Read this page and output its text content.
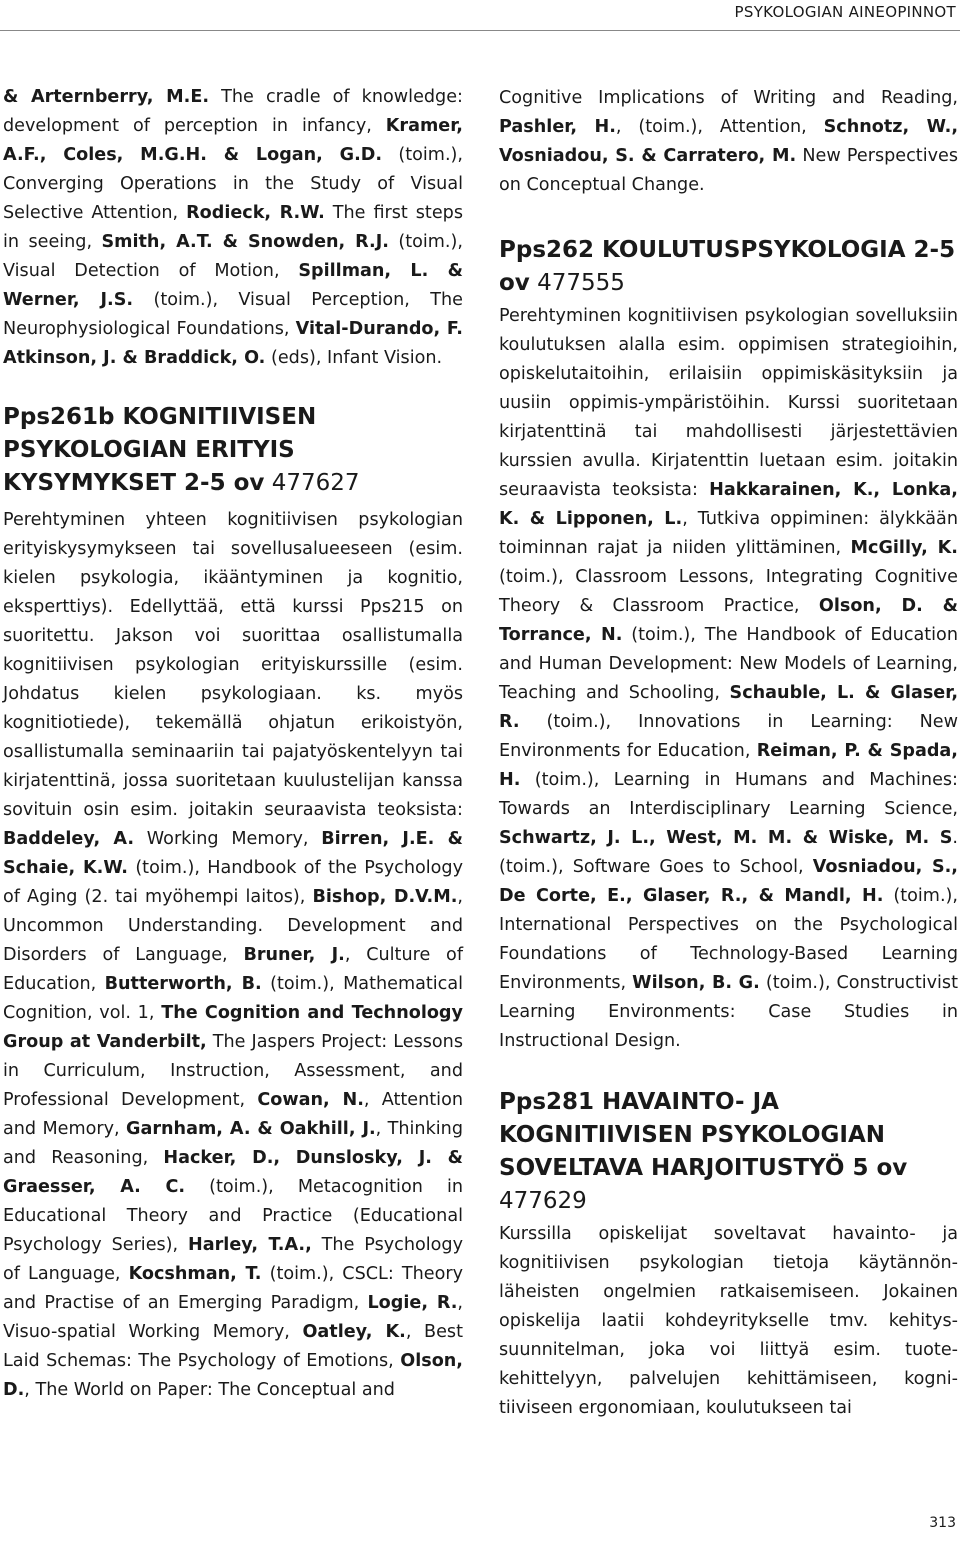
PSYKOLOGIAN AINEOPINNOT

& Arternberry, M.E. The cradle of knowledge: development of perception in infancy, Kramer, A.F., Coles, M.G.H. & Logan, G.D. (toim.), Converging Operations in the Study of Visual Selective Attention, Rodieck, R.W. The first steps in seeing, Smith, A.T. & Snowden, R.J. (toim.), Visual Detection of Motion, Spillman, L. & Werner, J.S. (toim.), Visual Perception, The Neurophysiological Foundations, Vital-Durando, F. Atkinson, J. & Braddick, O. (eds), Infant Vision.

Pps261b KOGNITIIVISEN PSYKOLOGIAN ERITYIS KYSYMYKSET 2-5 ov 477627

Perehtyminen yhteen kognitiivisen psykologian erityiskysymykseen tai sovellusalueeseen (esim. kielen psykologia, ikääntyminen ja kognitio, eksperttiys). Edellyttää, että kurssi Pps215 on suoritettu. Jakson voi suorittaa osallistumalla kognitiivisen psykologian erityiskurssille (esim. Johdatus kielen psykologiaan. ks. myös kognitiotiede), tekemällä ohjatun erikoistyön, osallistumalla seminaariin tai pajatyöskentelyyn tai kirjatenttinä, jossa suoritetaan kuulustelijan kanssa sovituin osin esim. joitakin seuraavista teoksista: Baddeley, A. Working Memory, Birren, J.E. & Schaie, K.W. (toim.), Handbook of the Psychology of Aging (2. tai myöhempi laitos), Bishop, D.V.M., Uncommon Understanding. Development and Disorders of Language, Bruner, J., Culture of Education, Butterworth, B. (toim.), Mathematical Cognition, vol. 1, The Cognition and Technology Group at Vanderbilt, The Jaspers Project: Lessons in Curriculum, Instruction, Assessment, and Professional Development, Cowan, N., Attention and Memory, Garnham, A. & Oakhill, J., Thinking and Reasoning, Hacker, D., Dunslosky, J. & Graesser, A. C. (toim.), Metacognition in Educational Theory and Practice (Educational Psychology Series), Harley, T.A., The Psychology of Language, Kocshman, T. (toim.), CSCL: Theory and Practise of an Emerging Paradigm, Logie, R., Visuo-spatial Working Memory, Oatley, K., Best Laid Schemas: The Psychology of Emotions, Olson, D., The World on Paper: The Conceptual and

Cognitive Implications of Writing and Reading, Pashler, H., (toim.), Attention, Schnotz, W., Vosniadou, S. & Carratero, M. New Perspectives on Conceptual Change.

Pps262 KOULUTUSPSYKOLOGIA 2-5 ov 477555

Perehtyminen kognitiivisen psykologian sovelluksiin koulutuksen alalla esim. oppimisen strategioihin, opiskelutaitoihin, erilaisiin oppimiskäsityksiin ja uusiin oppimis-ympäristöihin. Kurssi suoritetaan kirjatenttinä tai mahdollisesti järjestettävien kurssien avulla. Kirjatenttin luetaan esim. joitakin seuraavista teoksista: Hakkarainen, K., Lonka, K. & Lipponen, L., Tutkiva oppiminen: älykkään toiminnan rajat ja niiden ylittäminen, McGilly, K. (toim.), Classroom Lessons, Integrating Cognitive Theory & Classroom Practice, Olson, D. & Torrance, N. (toim.), The Handbook of Education and Human Development: New Models of Learning, Teaching and Schooling, Schauble, L. & Glaser, R. (toim.), Innovations in Learning: New Environments for Education, Reiman, P. & Spada, H. (toim.), Learning in Humans and Machines: Towards an Interdisciplinary Learning Science, Schwartz, J. L., West, M. M. & Wiske, M. S. (toim.), Software Goes to School, Vosniadou, S., De Corte, E., Glaser, R., & Mandl, H. (toim.), International Perspectives on the Psychological Foundations of Technology-Based Learning Environments, Wilson, B. G. (toim.), Constructivist Learning Environments: Case Studies in Instructional Design.

Pps281 HAVAINTO- JA KOGNITIIVISEN PSYKOLOGIAN SOVELTAVA HARJOITUSTYÖ 5 ov 477629

Kurssilla opiskelijat soveltavat havainto- ja kognitiivisen psykologian tietoja käytännön-läheisten ongelmien ratkaisemiseen. Jokainen opiskelija laatii kohdeyritykselle tmv. kehitys-suunnitelman, joka voi liittyä esim. tuote-kehittelyyn, palvelujen kehittämiseen, kogni-tiiviseen ergonomiaan, koulutukseen tai

313
